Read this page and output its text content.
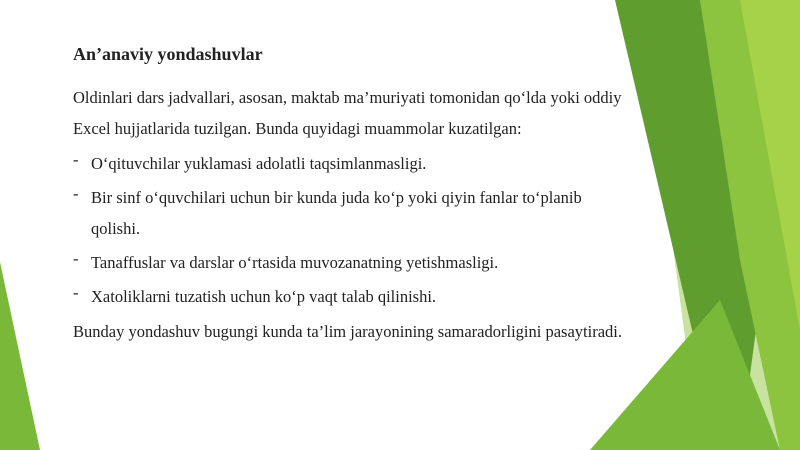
An’anaviy yondashuvlar

Oldinlari dars jadvallari, asosan, maktab ma’muriyati tomonidan qo‘lda yoki oddiy Excel hujjatlarida tuzilgan. Bunda quyidagi muammolar kuzatilgan:

- O‘qituvchilar yuklamasi adolatli taqsimlanmasligi.
- Bir sinf o‘quvchilari uchun bir kunda juda ko‘p yoki qiyin fanlar to‘planib qolishi.
- Tanaffuslar va darslar o‘rtasida muvozanatning yetishmasligi.
- Xatoliklarni tuzatish uchun ko‘p vaqt talab qilinishi.

Bunday yondashuv bugungi kunda ta’lim jarayonining samaradorligini pasaytiradi.
